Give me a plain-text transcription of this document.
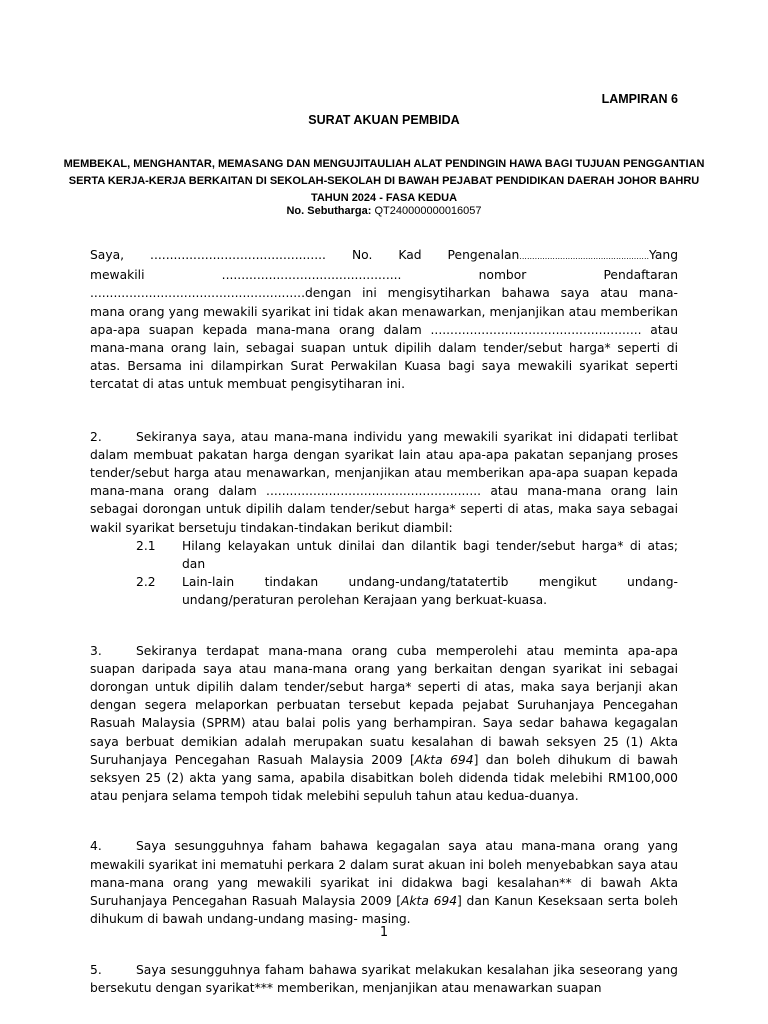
LAMPIRAN 6
SURAT AKUAN PEMBIDA
MEMBEKAL, MENGHANTAR, MEMASANG DAN MENGUJITAULIAH ALAT PENDINGIN HAWA BAGI TUJUAN PENGGANTIAN SERTA KERJA-KERJA BERKAITAN DI SEKOLAH-SEKOLAH DI BAWAH PEJABAT PENDIDIKAN DAERAH JOHOR BAHRU TAHUN 2024 - FASA KEDUA
No. Sebutharga: QT240000000016057
Saya, ............................................. No. Kad Pengenalan...................................................Yang
mewakili .............................................. nombor Pendaftaran
.......................................................dengan ini mengisytiharkan bahawa saya atau mana-
mana orang yang mewakili syarikat ini tidak akan menawarkan, menjanjikan atau memberikan
apa-apa suapan kepada mana-mana orang dalam ...................................................... atau
mana-mana orang lain, sebagai suapan untuk dipilih dalam tender/sebut harga* seperti di
atas. Bersama ini dilampirkan Surat Perwakilan Kuasa bagi saya mewakili syarikat seperti
tercatat di atas untuk membuat pengisytiharan ini.

2.	Sekiranya saya, atau mana-mana individu yang mewakili syarikat ini didapati terlibat dalam membuat pakatan harga dengan syarikat lain atau apa-apa pakatan sepanjang proses tender/sebut harga atau menawarkan, menjanjikan atau memberikan apa-apa suapan kepada mana-mana orang dalam ....................................................... atau mana-mana orang lain sebagai dorongan untuk dipilih dalam tender/sebut harga* seperti di atas, maka saya sebagai wakil syarikat bersetuju tindakan-tindakan berikut diambil:

2.1	Hilang kelayakan untuk dinilai dan dilantik bagi tender/sebut harga* di atas; dan
2.2	Lain-lain tindakan undang-undang/tatatertib mengikut undang-undang/peraturan perolehan Kerajaan yang berkuat-kuasa.

3.	Sekiranya terdapat mana-mana orang cuba memperolehi atau meminta apa-apa suapan daripada saya atau mana-mana orang yang berkaitan dengan syarikat ini sebagai dorongan untuk dipilih dalam tender/sebut harga* seperti di atas, maka saya berjanji akan dengan segera melaporkan perbuatan tersebut kepada pejabat Suruhanjaya Pencegahan Rasuah Malaysia (SPRM) atau balai polis yang berhampiran. Saya sedar bahawa kegagalan saya berbuat demikian adalah merupakan suatu kesalahan di bawah seksyen 25 (1) Akta Suruhanjaya Pencegahan Rasuah Malaysia 2009 [Akta 694] dan boleh dihukum di bawah seksyen 25 (2) akta yang sama, apabila disabitkan boleh didenda tidak melebihi RM100,000 atau penjara selama tempoh tidak melebihi sepuluh tahun atau kedua-duanya.

4.	Saya sesungguhnya faham bahawa kegagalan saya atau mana-mana orang yang mewakili syarikat ini mematuhi perkara 2 dalam surat akuan ini boleh menyebabkan saya atau mana-mana orang yang mewakili syarikat ini didakwa bagi kesalahan** di bawah Akta Suruhanjaya Pencegahan Rasuah Malaysia 2009 [Akta 694] dan Kanun Keseksaan serta boleh dihukum di bawah undang-undang masing- masing.

5.	Saya sesungguhnya faham bahawa syarikat melakukan kesalahan jika seseorang yang bersekutu dengan syarikat*** memberikan, menjanjikan atau menawarkan suapan

1
